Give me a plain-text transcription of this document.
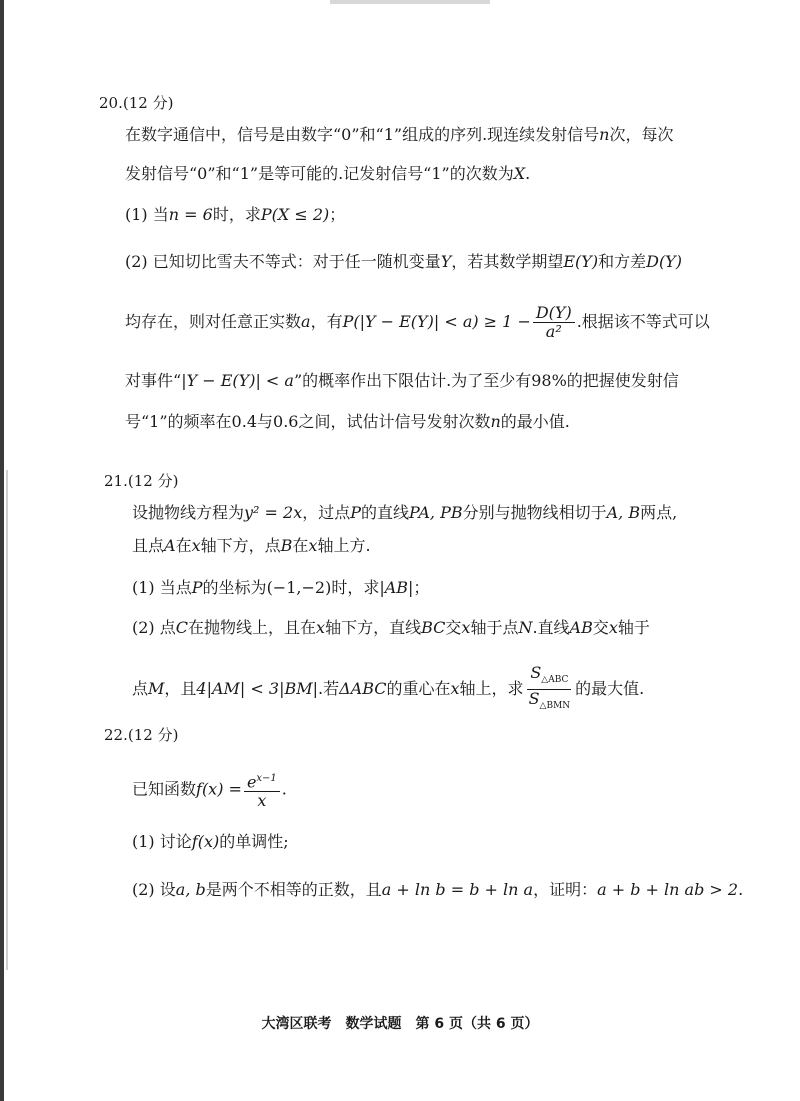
20.(12 分)
在数字通信中，信号是由数字“0”和“1”组成的序列.现连续发射信号n次，每次
发射信号“0”和“1”是等可能的.记发射信号“1”的次数为X.
(1) 当n = 6时，求P(X ≤ 2)；
(2) 已知切比雪夫不等式：对于任一随机变量Y，若其数学期望E(Y)和方差D(Y)
均存在，则对任意正实数a，有$P(|Y - E(Y)| < a) \ge 1 - \frac{D(Y)}{\text{a²}}$ .根据该不等式可以
对事件“|Y − E(Y)| < a”的概率作出下限估计.为了至少有98%的把握使发射信
号“1”的频率在0.4与0.6之间，试估计信号发射次数n的最小值.
21.(12 分)
设抛物线方程为y² = 2x，过点P的直线PA, PB分别与抛物线相切于A, B两点,
且点A在x轴下方，点B在x轴上方.
(1) 当点P的坐标为(−1,−2)时，求|AB|；
(2) 点C在抛物线上，且在x轴下方，直线BC交x轴于点N.直线AB交x轴于
点M，且4|AM| < 3|BM|.若ΔABC的重心在x轴上，求 $\frac{S_{\triangle ABC}}{S_{\triangle BMN}}$ 的最大值.
22.(12 分)
已知函数$f(x) = \frac{e^{x-1}}{x}$ .
(1) 讨论f(x)的单调性;
(2) 设a, b是两个不相等的正数，且a + ln b = b + ln a，证明：a + b + ln ab > 2.
大湾区联考　数学试题　第 6 页（共 6 页）
